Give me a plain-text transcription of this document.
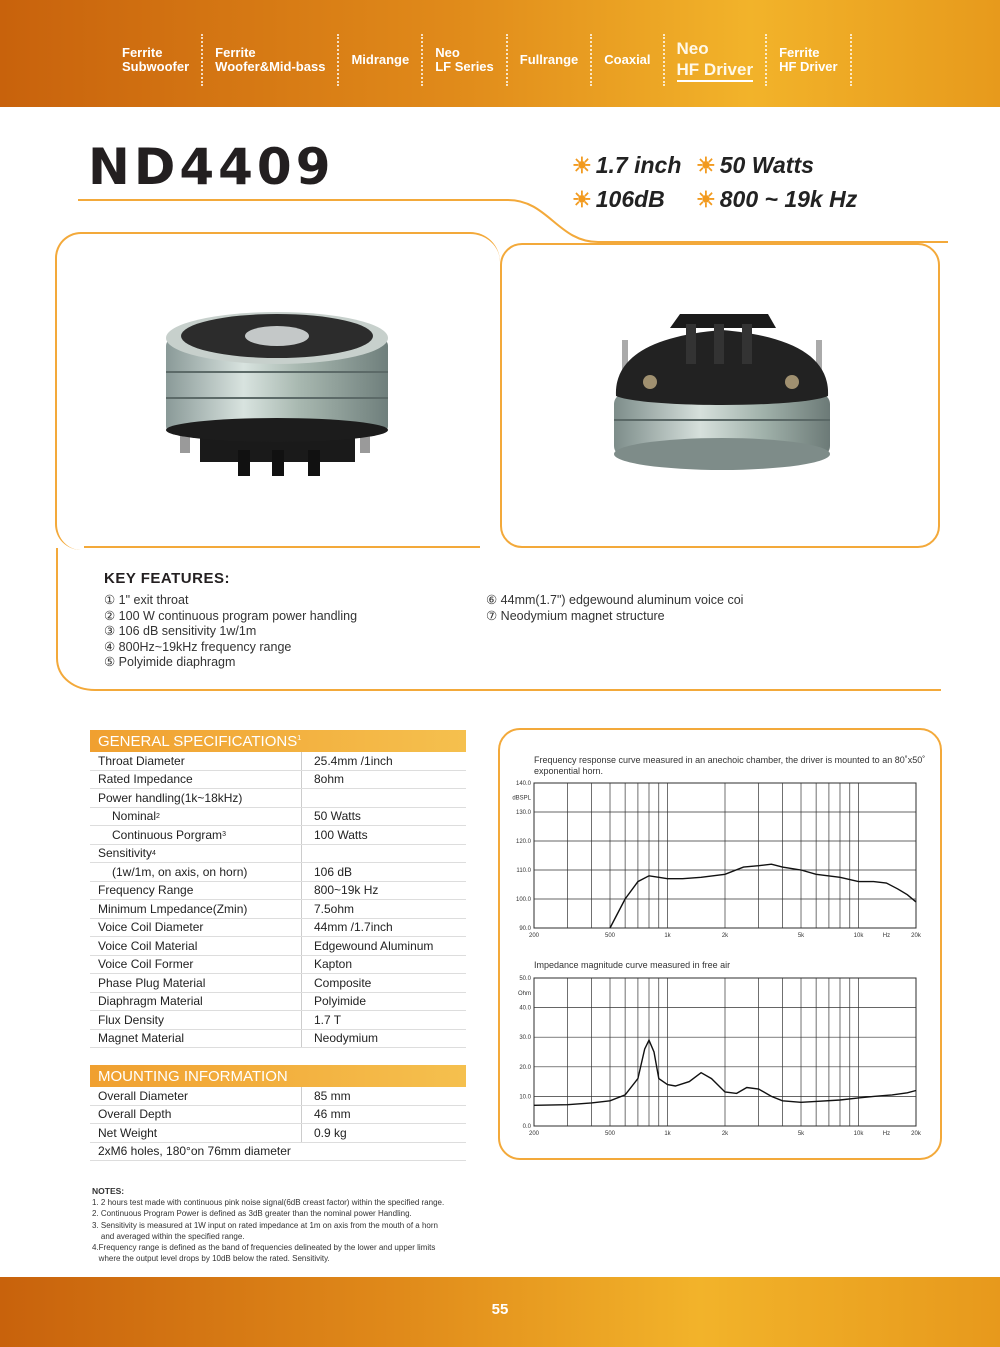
Ferrite
Subwoofer
Ferrite
Woofer&Mid-bass	Midrange	Neo
LF Series	Fullrange	Coaxial
Neo
HF Driver
Ferrite
HF Driver
ND4409	☀ 1.7 inch ☀ 50 Watts
☀ 106dB ☀ 800 ~ 19k Hz
KEY FEATURES:
① 1" exit throat
② 100 W continuous program power handling
③ 106 dB sensitivity 1w/1m
④ 800Hz~19kHz frequency range
⑤ Polyimide diaphragm
⑥ 44mm(1.7") edgewound aluminum voice coi
⑦ Neodymium magnet structure
GENERAL SPECIFICATIONS$^1$
Throat Diameter	25.4mm /1inch
Rated Impedance	8ohm
Power handling(1k~18kHz)
Nominal 2	50 Watts
Continuous Porgram 3	100 Watts
Sensitivity 4
(1w/1m, on axis, on horn)	106 dB
Frequency Range	800~19k Hz
Minimum Lmpedance(Zmin)	7.5ohm
Voice Coil Diameter	44mm /1.7inch
Voice Coil Material	Edgewound Aluminum
Voice Coil Former	Kapton
Phase Plug Material	Composite
Diaphragm Material	Polyimide
Flux Density	1.7 T
Magnet Material	Neodymium
MOUNTING INFORMATION
Overall Diameter	85 mm
Overall Depth	46 mm
Net Weight	0.9 kg
2xM6 holes, 180°on 76mm diameter
Frequency response curve measured in an anechoic chamber, the driver is mounted to an 80˚x50˚ exponential horn.
140.0
130.0
120.0
110.0
100.0
90.0
dBSPL
200	500	1k	2k	5k	10k	Hz	20k
Impedance magnitude curve measured in free air
50.0
40.0
30.0
20.0
10.0
0.0
Ohm
200	500	1k	2k	5k	10k	Hz	20k
NOTES:
1. 2 hours test made with continuous pink noise signal(6dB creast factor) within the specified range.
2. Continuous Program Power is defined as 3dB greater than the nominal power Handling.
3. Sensitivity is measured at 1W input on rated impedance at 1m on axis from the mouth of a horn
and averaged within the specified range.
4.Frequency range is defined as the band of frequencies delineated by the lower and upper limits
where the output level drops by 10dB below the rated. Sensitivity.
55
